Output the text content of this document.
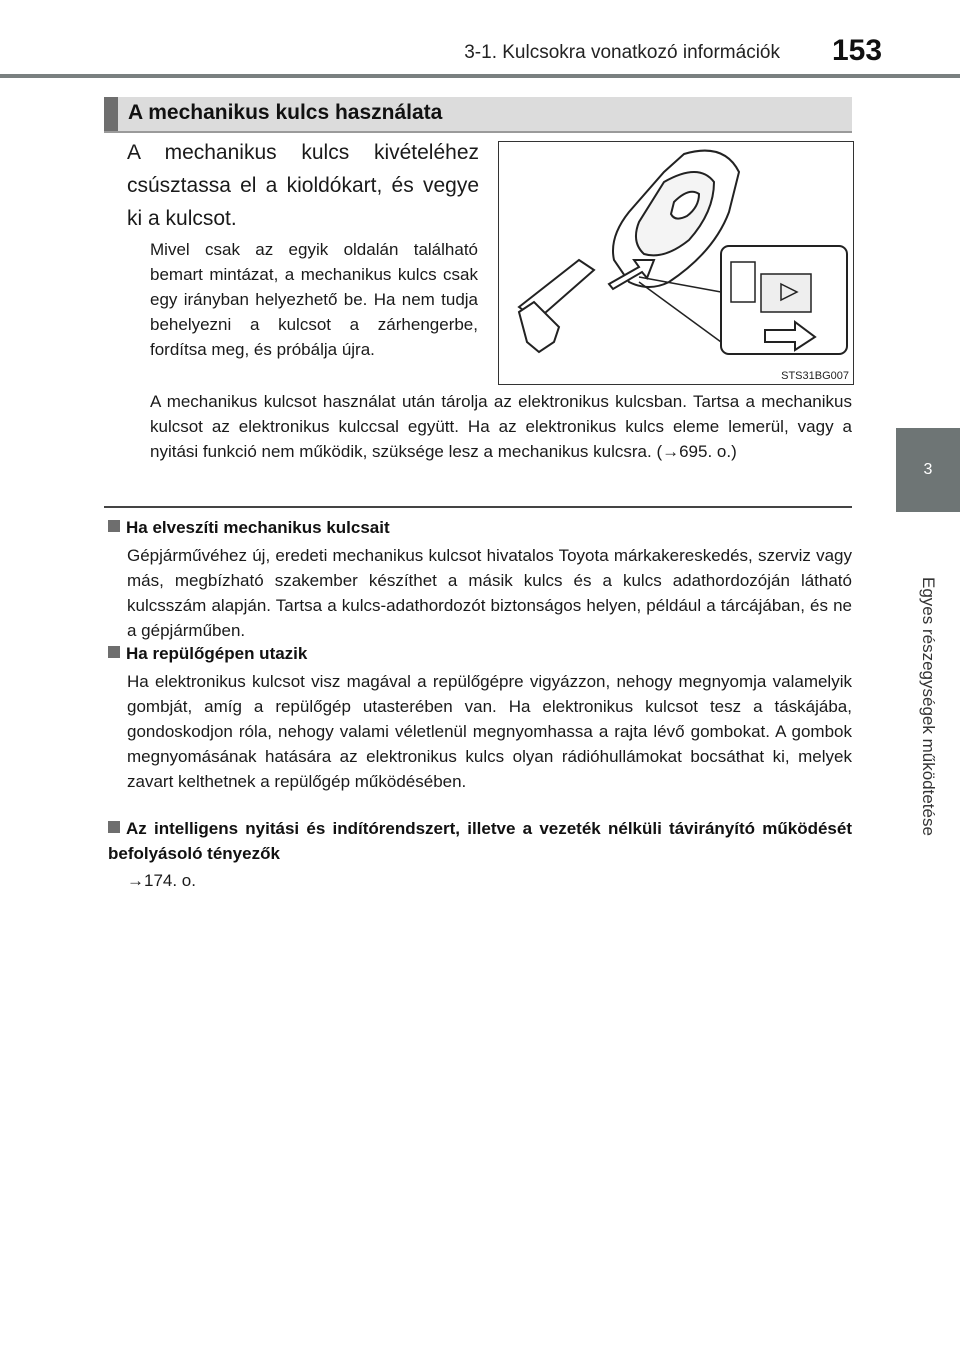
3-1. Kulcsokra vonatkozó információk 153
3
Egyes részegységek működtetése
A mechanikus kulcs használata
A mechanikus kulcs kivételéhez csúsztassa el a kioldókart, és vegye ki a kulcsot.
Mivel csak az egyik oldalán található bemart mintázat, a mechanikus kulcs csak egy irányban helyezhető be. Ha nem tudja behelyezni a kulcsot a zárhengerbe, fordítsa meg, és próbálja újra.
STS31BG007
A mechanikus kulcsot használat után tárolja az elektronikus kulcsban. Tartsa a mechanikus kulcsot az elektronikus kulccsal együtt. Ha az elektronikus kulcs eleme lemerül, vagy a nyitási funkció nem működik, szüksége lesz a mechanikus kulcsra. (→695. o.)
Ha elveszíti mechanikus kulcsait
Gépjárművéhez új, eredeti mechanikus kulcsot hivatalos Toyota márkakereskedés, szerviz vagy más, megbízható szakember készíthet a másik kulcs és a kulcs adathordozóján látható kulcsszám alapján. Tartsa a kulcs-adathordozót biztonságos helyen, például a tárcájában, és ne a gépjárműben.
Ha repülőgépen utazik
Ha elektronikus kulcsot visz magával a repülőgépre vigyázzon, nehogy megnyomja valamelyik gombját, amíg a repülőgép utasterében van. Ha elektronikus kulcsot tesz a táskájába, gondoskodjon róla, nehogy valami véletlenül megnyomhassa a rajta lévő gombokat. A gombok megnyomásának hatására az elektronikus kulcs olyan rádióhullámokat bocsáthat ki, melyek zavart kelthetnek a repülőgép működésében.
Az intelligens nyitási és indítórendszert, illetve a vezeték nélküli távirányító működését befolyásoló tényezők
→174. o.
